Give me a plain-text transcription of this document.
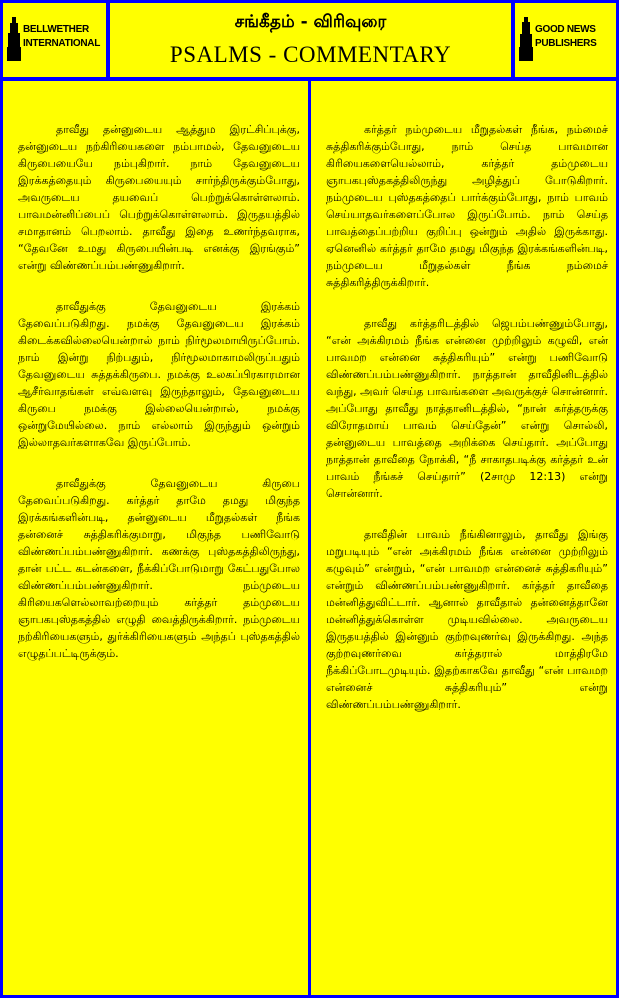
BELLWETHER INTERNATIONAL
சங்கீதம் - விரிவுரை
PSALMS - COMMENTARY
GOOD NEWS PUBLISHERS

தாவீது தன்னுடைய ஆத்தும இரட்சிப்புக்கு, தன்னுடைய நற்கிரியைகளை நம்பாமல், தேவனுடைய கிருபையையே நம்புகிறார். நாம் தேவனுடைய இரக்கத்தையும் கிருபையையும் சார்ந்திருக்கும்போது, அவருடைய தயவைப் பெற்றுக்கொள்ளலாம். பாவமன்னிப்பைப் பெற்றுக்கொள்ளலாம். இருதயத்தில் சமாதானம் பெறலாம். தாவீது இதை உணர்ந்தவராக, “தேவனே உமது கிருபையின்படி எனக்கு இரங்கும்” என்று விண்ணப்பம்பண்ணுகிறார்.

தாவீதுக்கு தேவனுடைய இரக்கம் தேவைப்படுகிறது. நமக்கு தேவனுடைய இரக்கம் கிடைக்கவில்லையென்றால் நாம் நிர்மூலமாயிருப்போம். நாம் இன்று நிற்பதும், நிர்மூலமாகாமலிருப்பதும் தேவனுடைய சுத்தக்கிருபை. நமக்கு உலகப்பிரகாரமான ஆசீர்வாதங்கள் எவ்வளவு இருந்தாலும், தேவனுடைய கிருபை நமக்கு இல்லையென்றால், நமக்கு ஒன்றுமேயில்லை. நாம் எல்லாம் இருந்தும் ஒன்றும் இல்லாதவர்களாகவே இருப்போம்.

தாவீதுக்கு தேவனுடைய கிருபை தேவைப்படுகிறது. கர்த்தர் தாமே தமது மிகுந்த இரக்கங்களின்படி, தன்னுடைய மீறுதல்கள் நீங்க தன்னைச் சுத்திகரிக்குமாறு, மிகுந்த பணிவோடு விண்ணப்பம்பண்ணுகிறார். கணக்கு புஸ்தகத்திலிருந்து, தான் பட்ட கடன்களை, நீக்கிப்போடுமாறு கேட்பதுபோல விண்ணப்பம்பண்ணுகிறார். நம்முடைய கிரியைகளெல்லாவற்றையும் கர்த்தர் தம்முடைய ஞாபகபுஸ்தகத்தில் எழுதி வைத்திருக்கிறார். நம்முடைய நற்கிரியைகளும், துர்க்கிரியைகளும் அந்தப் புஸ்தகத்தில் எழுதப்பட்டிருக்கும்.

கர்த்தர் நம்முடைய மீறுதல்கள் நீங்க, நம்மைச் சுத்திகரிக்கும்போது, நாம் செய்த பாவமான கிரியைகளையெல்லாம், கர்த்தர் தம்முடைய ஞாபகபுஸ்தகத்திலிருந்து அழித்துப் போடுகிறார். நம்முடைய புஸ்தகத்தைப் பார்க்கும்போது, நாம் பாவம் செய்யாதவர்களைப்போல இருப்போம். நாம் செய்த பாவத்தைப்பற்றிய குறிப்பு ஒன்றும் அதில் இருக்காது. ஏனெனில் கர்த்தர் தாமே தமது மிகுந்த இரக்கங்களின்படி, நம்முடைய மீறுதல்கள் நீங்க நம்மைச் சுத்திகரித்திருக்கிறார்.

தாவீது கர்த்தரிடத்தில் ஜெபம்பண்ணும்போது, “என் அக்கிரமம் நீங்க என்னை முற்றிலும் கழுவி, என் பாவமற என்னை சுத்திகரியும்” என்று பணிவோடு விண்ணப்பம்பண்ணுகிறார். நாத்தான் தாவீதினிடத்தில் வந்து, அவர் செய்த பாவங்களை அவருக்குச் சொன்னார். அப்போது தாவீது நாத்தானிடத்தில், “நான் கர்த்தருக்கு விரோதமாய் பாவம் செய்தேன்” என்று சொல்லி, தன்னுடைய பாவத்தை அறிக்கை செய்தார். அப்போது நாத்தான் தாவீதை நோக்கி, “நீ சாகாதபடிக்கு கர்த்தர் உன் பாவம் நீங்கச் செய்தார்” (2சாமு 12:13) என்று சொன்னார்.

தாவீதின் பாவம் நீங்கினாலும், தாவீது இங்கு மறுபடியும் “என் அக்கிரமம் நீங்க என்னை முற்றிலும் கழுவும்” என்றும், “என் பாவமற என்னைச் சுத்திகரியும்” என்றும் விண்ணப்பம்பண்ணுகிறார். கர்த்தர் தாவீதை மன்னித்துவிட்டார். ஆனால் தாவீதால் தன்னைத்தானே மன்னித்துக்கொள்ள முடியவில்லை. அவருடைய இருதயத்தில் இன்னும் குற்றவுணர்வு இருக்கிறது. அந்த குற்றவுணர்வை கர்த்தரால் மாத்திரமே நீக்கிப்போடமுடியும். இதற்காகவே தாவீது “என் பாவமற என்னைச் சுத்திகரியும்” என்று விண்ணப்பம்பண்ணுகிறார்.
